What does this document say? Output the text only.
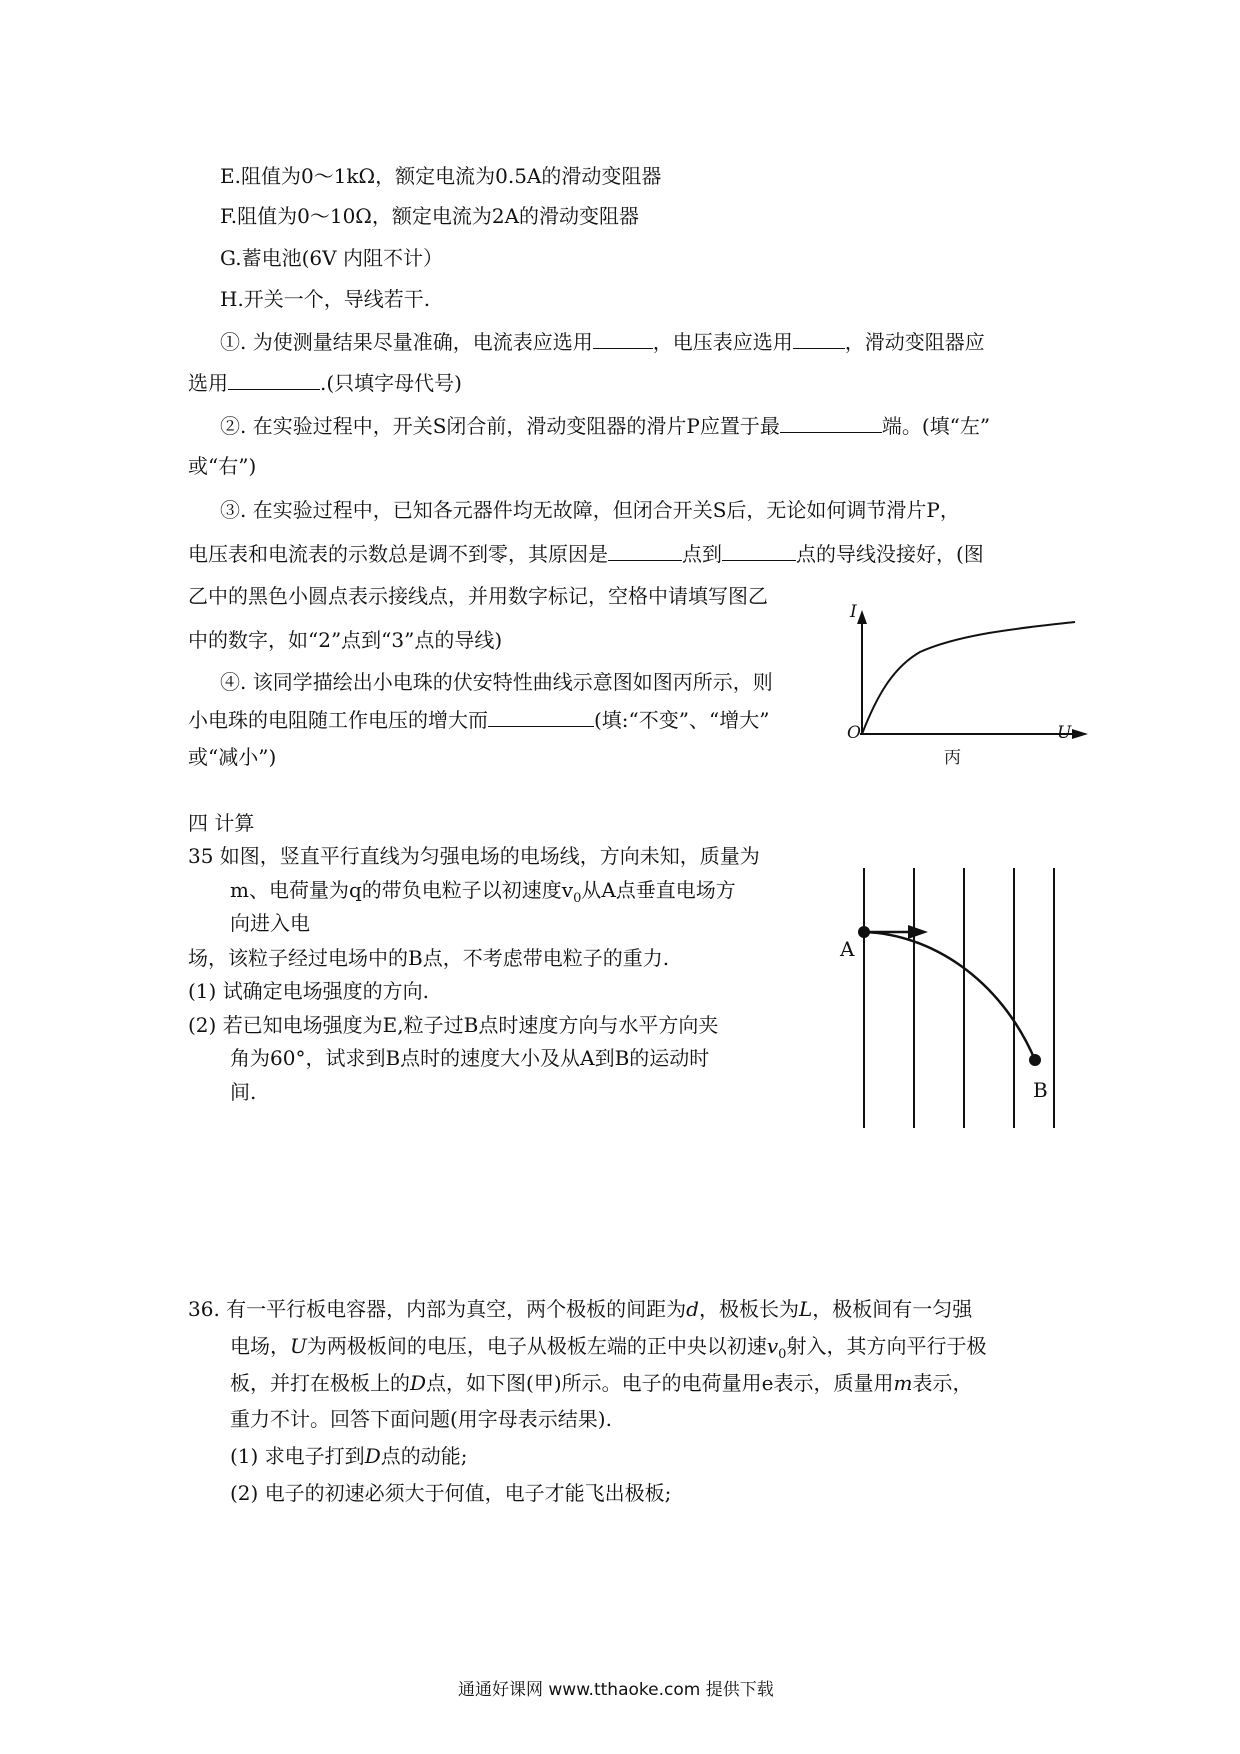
E.阻值为0～1kΩ，额定电流为0.5A的滑动变阻器
F.阻值为0～10Ω，额定电流为2A的滑动变阻器
G.蓄电池(6V 内阻不计）
H.开关一个，导线若干.
①. 为使测量结果尽量准确，电流表应选用	，电压表应选用	，滑动变阻器应
选用	.(只填字母代号)
②. 在实验过程中，开关S闭合前，滑动变阻器的滑片P应置于最	端。(填“左”
或“右”)
③. 在实验过程中，已知各元器件均无故障，但闭合开关S后，无论如何调节滑片P，
电压表和电流表的示数总是调不到零，其原因是	点到	点的导线没接好，(图
乙中的黑色小圆点表示接线点，并用数字标记，空格中请填写图乙
中的数字，如“2”点到“3”点的导线)
④. 该同学描绘出小电珠的伏安特性曲线示意图如图丙所示，则
小电珠的电阻随工作电压的增大而	(填:“不变”、“增大”
或“减小”)
I
U
O
丙
四 计算
35 如图，竖直平行直线为匀强电场的电场线，方向未知，质量为
m、电荷量为q的带负电粒子以初速度$v_0$从A点垂直电场方
向进入电
场，该粒子经过电场中的B点，不考虑带电粒子的重力.
(1) 试确定电场强度的方向.
(2) 若已知电场强度为E,粒子过B点时速度方向与水平方向夹
角为60°，试求到B点时的速度大小及从A到B的运动时
间.
A
B
36. 有一平行板电容器，内部为真空，两个极板的间距为d，极板长为L，极板间有一匀强
电场，U为两极板间的电压，电子从极板左端的正中央以初速$v_0$射入，其方向平行于极
板，并打在极板上的D点，如下图(甲)所示。电子的电荷量用e表示，质量用m表示，
重力不计。回答下面问题(用字母表示结果).
(1) 求电子打到D点的动能;
(2) 电子的初速必须大于何值，电子才能飞出极板;
通通好课网 www.tthaoke.com 提供下载
